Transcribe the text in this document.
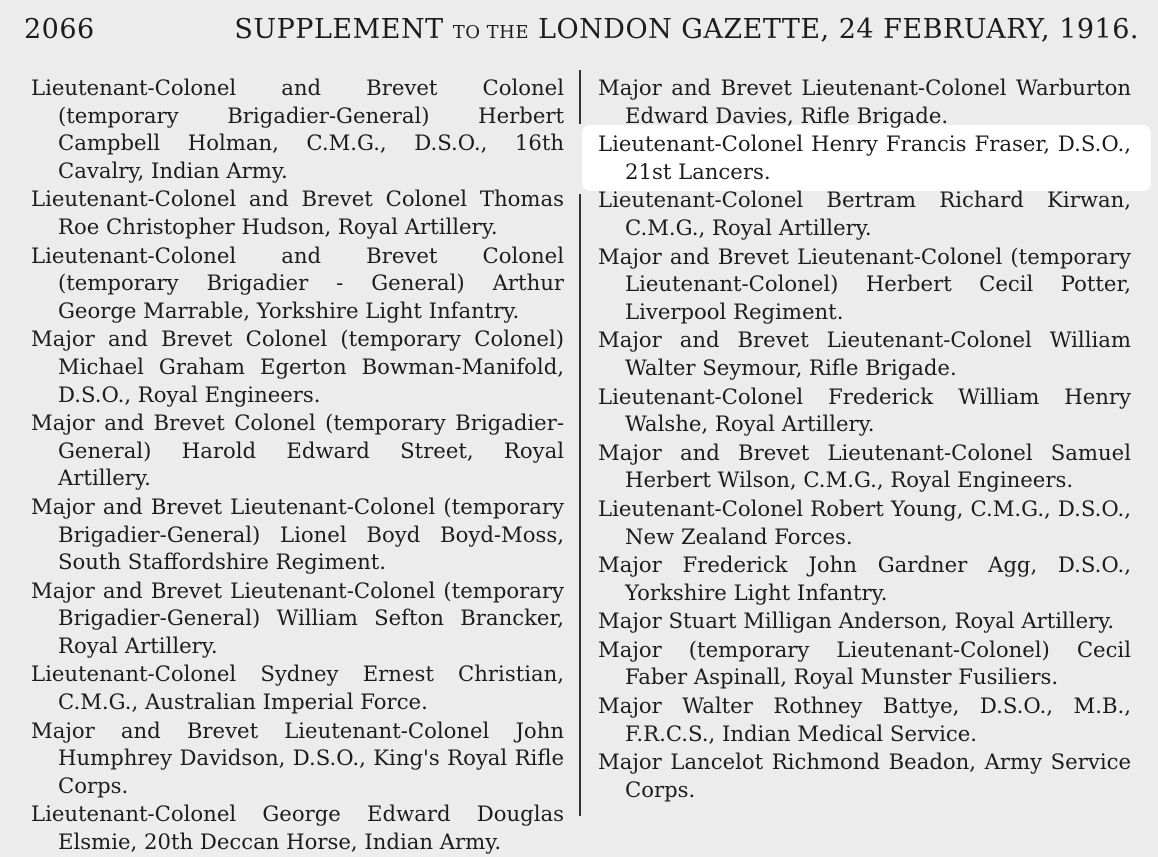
2066	SUPPLEMENT TO THE LONDON GAZETTE, 24 FEBRUARY, 1916.

Lieutenant-Colonel and Brevet Colonel (temporary Brigadier-General) Herbert Campbell Holman, C.M.G., D.S.O., 16th Cavalry, Indian Army.

Lieutenant-Colonel and Brevet Colonel Thomas Roe Christopher Hudson, Royal Artillery.

Lieutenant-Colonel and Brevet Colonel (temporary Brigadier - General) Arthur George Marrable, Yorkshire Light Infantry.

Major and Brevet Colonel (temporary Colonel) Michael Graham Egerton Bowman-Manifold, D.S.O., Royal Engineers.

Major and Brevet Colonel (temporary Brigadier-General) Harold Edward Street, Royal Artillery.

Major and Brevet Lieutenant-Colonel (temporary Brigadier-General) Lionel Boyd Boyd-Moss, South Staffordshire Regiment.

Major and Brevet Lieutenant-Colonel (temporary Brigadier-General) William Sefton Brancker, Royal Artillery.

Lieutenant-Colonel Sydney Ernest Christian, C.M.G., Australian Imperial Force.

Major and Brevet Lieutenant-Colonel John Humphrey Davidson, D.S.O., King's Royal Rifle Corps.

Lieutenant-Colonel George Edward Douglas Elsmie, 20th Deccan Horse, Indian Army.

Major and Brevet Lieutenant-Colonel Warburton Edward Davies, Rifle Brigade.

Lieutenant-Colonel Henry Francis Fraser, D.S.O., 21st Lancers.

Lieutenant-Colonel Bertram Richard Kirwan, C.M.G., Royal Artillery.

Major and Brevet Lieutenant-Colonel (temporary Lieutenant-Colonel) Herbert Cecil Potter, Liverpool Regiment.

Major and Brevet Lieutenant-Colonel William Walter Seymour, Rifle Brigade.

Lieutenant-Colonel Frederick William Henry Walshe, Royal Artillery.

Major and Brevet Lieutenant-Colonel Samuel Herbert Wilson, C.M.G., Royal Engineers.

Lieutenant-Colonel Robert Young, C.M.G., D.S.O., New Zealand Forces.

Major Frederick John Gardner Agg, D.S.O., Yorkshire Light Infantry.

Major Stuart Milligan Anderson, Royal Artillery.

Major (temporary Lieutenant-Colonel) Cecil Faber Aspinall, Royal Munster Fusiliers.

Major Walter Rothney Battye, D.S.O., M.B., F.R.C.S., Indian Medical Service.

Major Lancelot Richmond Beadon, Army Service Corps.
